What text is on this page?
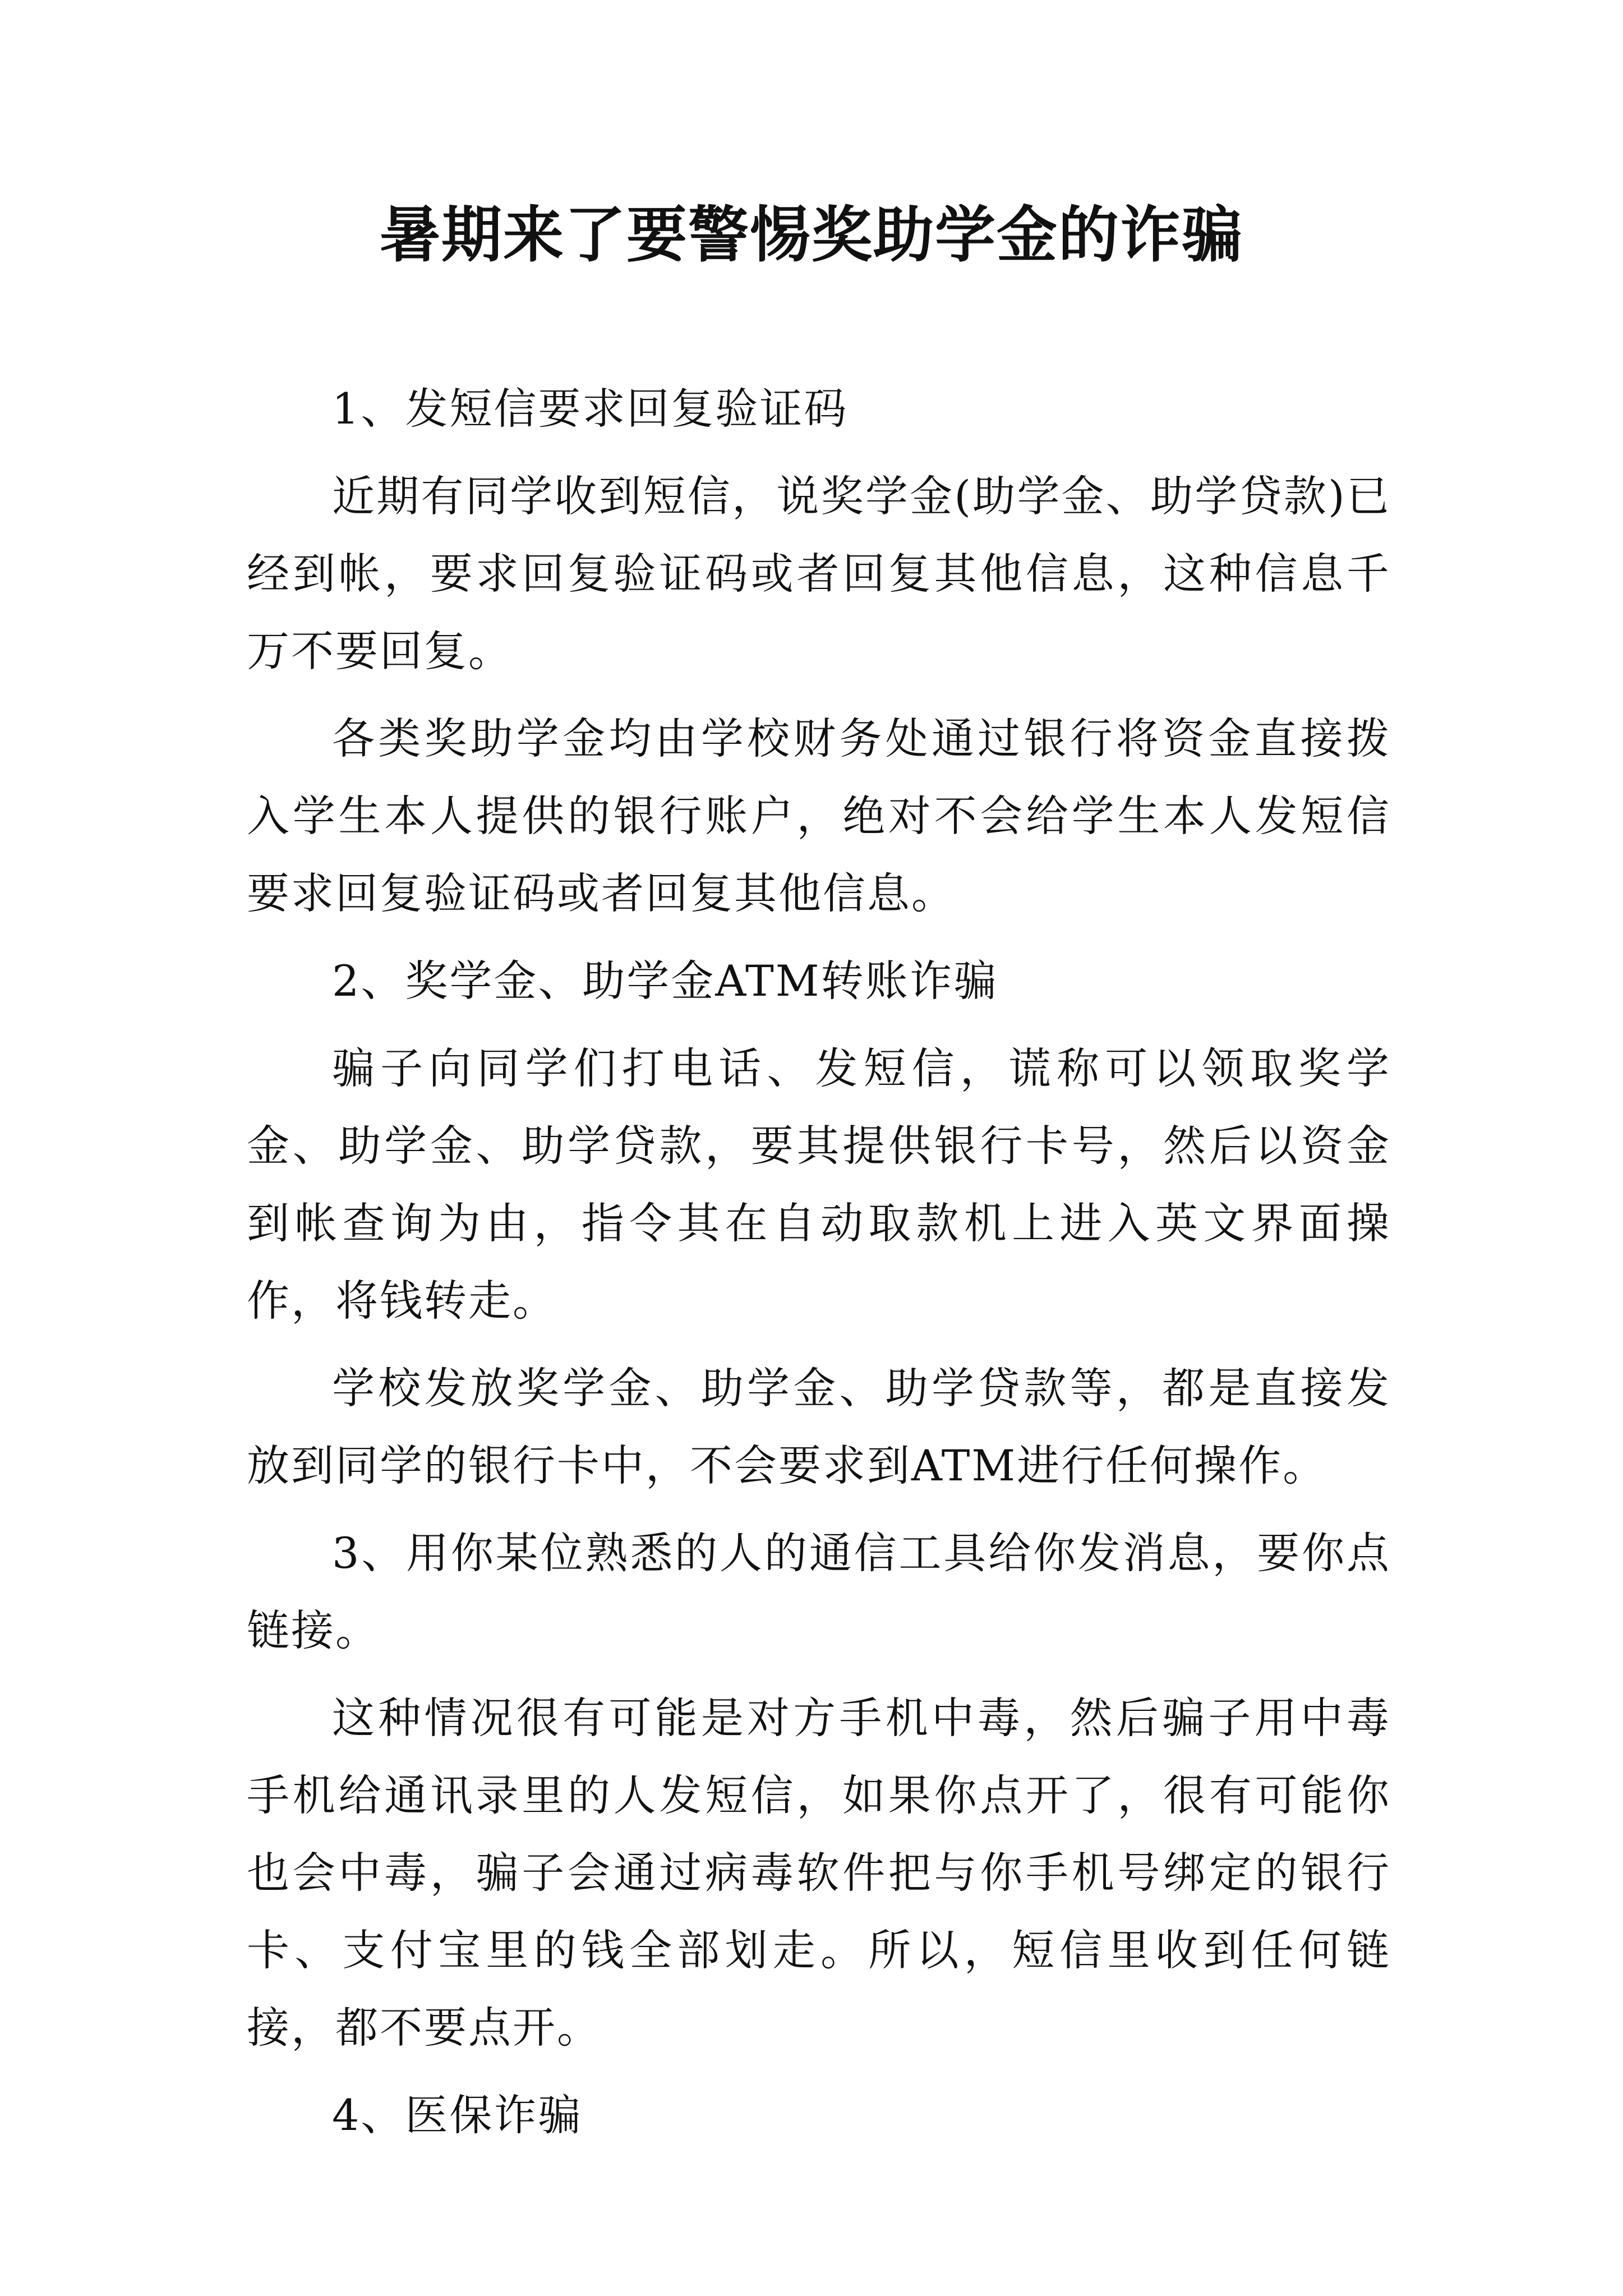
暑期来了要警惕奖助学金的诈骗

1、发短信要求回复验证码

近期有同学收到短信，说奖学金(助学金、助学贷款)已经到帐，要求回复验证码或者回复其他信息，这种信息千万不要回复。

各类奖助学金均由学校财务处通过银行将资金直接拨入学生本人提供的银行账户，绝对不会给学生本人发短信要求回复验证码或者回复其他信息。

2、奖学金、助学金ATM转账诈骗

骗子向同学们打电话、发短信，谎称可以领取奖学金、助学金、助学贷款，要其提供银行卡号，然后以资金到帐查询为由，指令其在自动取款机上进入英文界面操作，将钱转走。

学校发放奖学金、助学金、助学贷款等，都是直接发放到同学的银行卡中，不会要求到ATM进行任何操作。

3、用你某位熟悉的人的通信工具给你发消息，要你点链接。

这种情况很有可能是对方手机中毒，然后骗子用中毒手机给通讯录里的人发短信，如果你点开了，很有可能你也会中毒，骗子会通过病毒软件把与你手机号绑定的银行卡、支付宝里的钱全部划走。所以，短信里收到任何链接，都不要点开。

4、医保诈骗
